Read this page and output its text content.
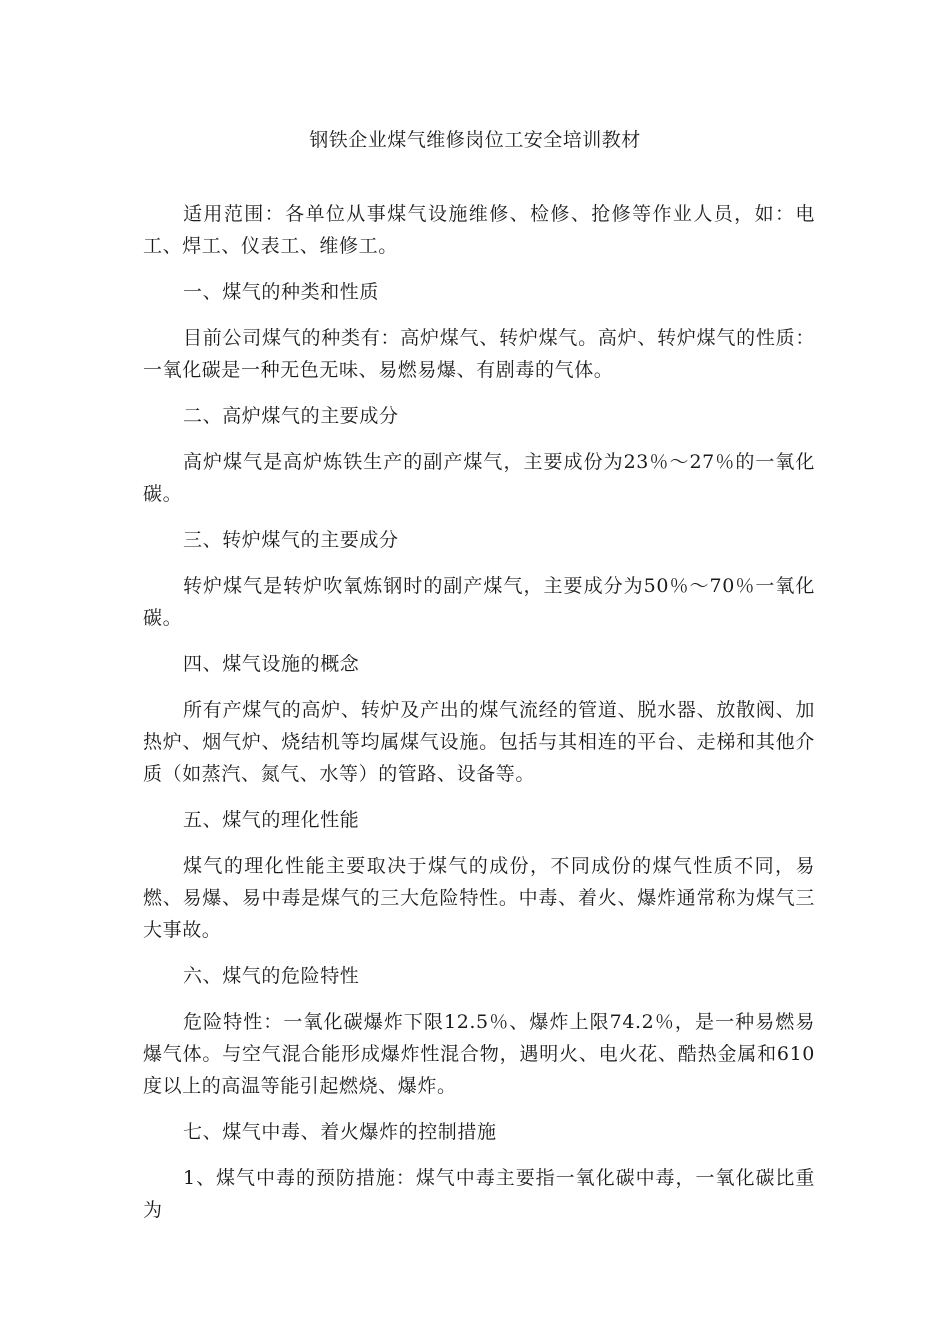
钢铁企业煤气维修岗位工安全培训教材

适用范围：各单位从事煤气设施维修、检修、抢修等作业人员，如：电工、焊工、仪表工、维修工。

一、煤气的种类和性质

目前公司煤气的种类有：高炉煤气、转炉煤气。高炉、转炉煤气的性质：一氧化碳是一种无色无味、易燃易爆、有剧毒的气体。

二、高炉煤气的主要成分

高炉煤气是高炉炼铁生产的副产煤气，主要成份为23％～27％的一氧化碳。

三、转炉煤气的主要成分

转炉煤气是转炉吹氧炼钢时的副产煤气，主要成分为50％～70％一氧化碳。

四、煤气设施的概念

所有产煤气的高炉、转炉及产出的煤气流经的管道、脱水器、放散阀、加热炉、烟气炉、烧结机等均属煤气设施。包括与其相连的平台、走梯和其他介质（如蒸汽、氮气、水等）的管路、设备等。

五、煤气的理化性能

煤气的理化性能主要取决于煤气的成份，不同成份的煤气性质不同，易燃、易爆、易中毒是煤气的三大危险特性。中毒、着火、爆炸通常称为煤气三大事故。

六、煤气的危险特性

危险特性：一氧化碳爆炸下限12.5％、爆炸上限74.2％，是一种易燃易爆气体。与空气混合能形成爆炸性混合物，遇明火、电火花、酷热金属和610度以上的高温等能引起燃烧、爆炸。

七、煤气中毒、着火爆炸的控制措施

1、煤气中毒的预防措施：煤气中毒主要指一氧化碳中毒，一氧化碳比重为
